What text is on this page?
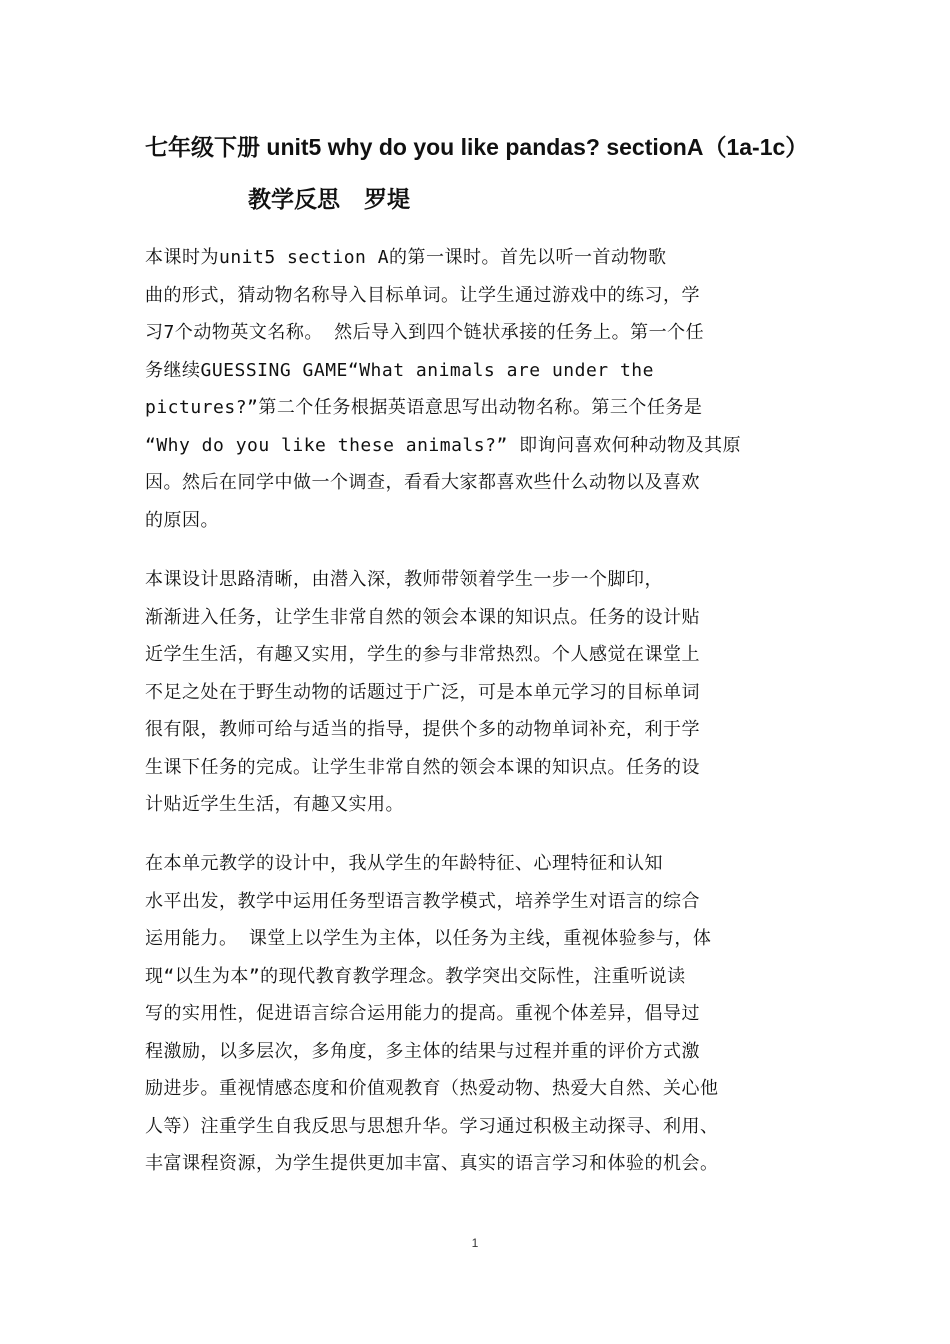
七年级下册 unit5 why do you like pandas? sectionA（1a-1c）
教学反思 罗堤
本课时为unit5 section A的第一课时。首先以听一首动物歌
曲的形式，猜动物名称导入目标单词。让学生通过游戏中的练习，学
习7个动物英文名称。 然后导入到四个链状承接的任务上。第一个任
务继续GUESSING GAME“What animals are under the
pictures?”第二个任务根据英语意思写出动物名称。第三个任务是
“Why do you like these animals?” 即询问喜欢何种动物及其原
因。然后在同学中做一个调查，看看大家都喜欢些什么动物以及喜欢
的原因。
本课设计思路清晰，由潜入深，教师带领着学生一步一个脚印，
渐渐进入任务，让学生非常自然的领会本课的知识点。任务的设计贴
近学生生活，有趣又实用，学生的参与非常热烈。个人感觉在课堂上
不足之处在于野生动物的话题过于广泛，可是本单元学习的目标单词
很有限，教师可给与适当的指导，提供个多的动物单词补充，利于学
生课下任务的完成。让学生非常自然的领会本课的知识点。任务的设
计贴近学生生活，有趣又实用。
在本单元教学的设计中，我从学生的年龄特征、心理特征和认知
水平出发，教学中运用任务型语言教学模式，培养学生对语言的综合
运用能力。 课堂上以学生为主体，以任务为主线，重视体验参与，体
现“以生为本”的现代教育教学理念。教学突出交际性，注重听说读
写的实用性，促进语言综合运用能力的提高。重视个体差异，倡导过
程激励，以多层次，多角度，多主体的结果与过程并重的评价方式激
励进步。重视情感态度和价值观教育（热爱动物、热爱大自然、关心他
人等）注重学生自我反思与思想升华。学习通过积极主动探寻、利用、
丰富课程资源，为学生提供更加丰富、真实的语言学习和体验的机会。
1
